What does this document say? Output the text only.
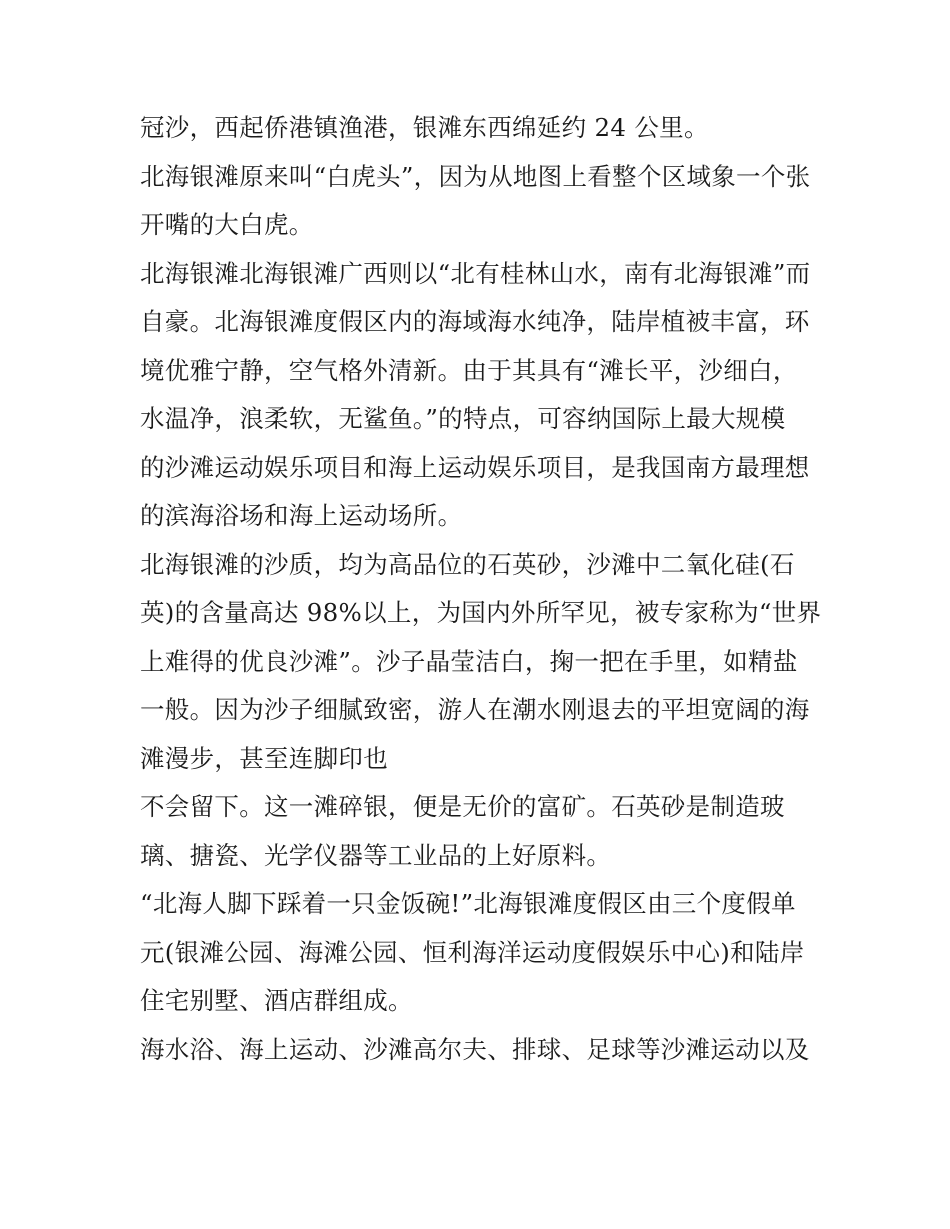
冠沙，西起侨港镇渔港，银滩东西绵延约 24 公里。

北海银滩原来叫“白虎头”，因为从地图上看整个区域象一个张
开嘴的大白虎。

北海银滩北海银滩广西则以“北有桂林山水，南有北海银滩”而
自豪。北海银滩度假区内的海域海水纯净，陆岸植被丰富，环
境优雅宁静，空气格外清新。由于其具有“滩长平，沙细白，
水温净，浪柔软，无鲨鱼。”的特点，可容纳国际上最大规模
的沙滩运动娱乐项目和海上运动娱乐项目，是我国南方最理想
的滨海浴场和海上运动场所。

北海银滩的沙质，均为高品位的石英砂，沙滩中二氧化硅(石
英)的含量高达 98%以上，为国内外所罕见，被专家称为“世界
上难得的优良沙滩”。沙子晶莹洁白，掬一把在手里，如精盐
一般。因为沙子细腻致密，游人在潮水刚退去的平坦宽阔的海
滩漫步，甚至连脚印也

不会留下。这一滩碎银，便是无价的富矿。石英砂是制造玻
璃、搪瓷、光学仪器等工业品的上好原料。

“北海人脚下踩着一只金饭碗!”北海银滩度假区由三个度假单
元(银滩公园、海滩公园、恒利海洋运动度假娱乐中心)和陆岸
住宅别墅、酒店群组成。

海水浴、海上运动、沙滩高尔夫、排球、足球等沙滩运动以及
